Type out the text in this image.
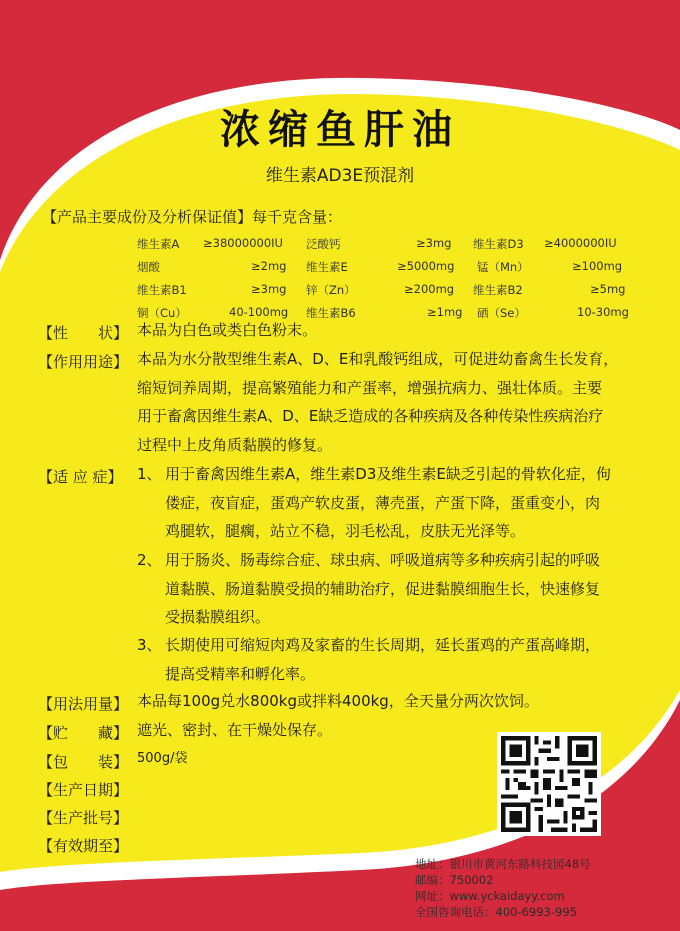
浓缩鱼肝油
维生素AD3E预混剂
【产品主要成份及分析保证值】每千克含量：
维生素A ≥38000000IU 泛酸钙	≥3mg 维生素D3 ≥4000000IU
烟酸	≥2mg 维生素E	≥5000mg 锰（Mn）	≥100mg
维生素B1	≥3mg 锌（Zn）	≥200mg 维生素B2	≥5mg
铜（Cu）	40-100mg 维生素B6	≥1mg 硒（Se）	10-30mg
【性　　状】 本品为白色或类白色粉末。
【作用用途】 本品为水分散型维生素A、D、E和乳酸钙组成，可促进幼畜禽生长发育，
缩短饲养周期，提高繁殖能力和产蛋率，增强抗病力、强壮体质。主要
用于畜禽因维生素A、D、E缺乏造成的各种疾病及各种传染性疾病治疗
过程中上皮角质黏膜的修复。
【适 应 症】 1、 用于畜禽因维生素A，维生素D3及维生素E缺乏引起的骨软化症，佝
偻症，夜盲症，蛋鸡产软皮蛋，薄壳蛋，产蛋下降，蛋重变小，肉
鸡腿软，腿瘸，站立不稳，羽毛松乱，皮肤无光泽等。
2、 用于肠炎、肠毒综合症、球虫病、呼吸道病等多种疾病引起的呼吸
道黏膜、肠道黏膜受损的辅助治疗，促进黏膜细胞生长，快速修复
受损黏膜组织。
3、 长期使用可缩短肉鸡及家畜的生长周期，延长蛋鸡的产蛋高峰期，
提高受精率和孵化率。
【用法用量】 本品每100g兑水800kg或拌料400kg，全天量分两次饮饲。
【贮　　藏】 遮光、密封、在干燥处保存。
【包　　装】 500g/袋
【生产日期】
【生产批号】
【有效期至】
地址：银川市黄河东路科技园48号
邮编：750002
网址：www.yckaidayy.com
全国咨询电话：400-6993-995
